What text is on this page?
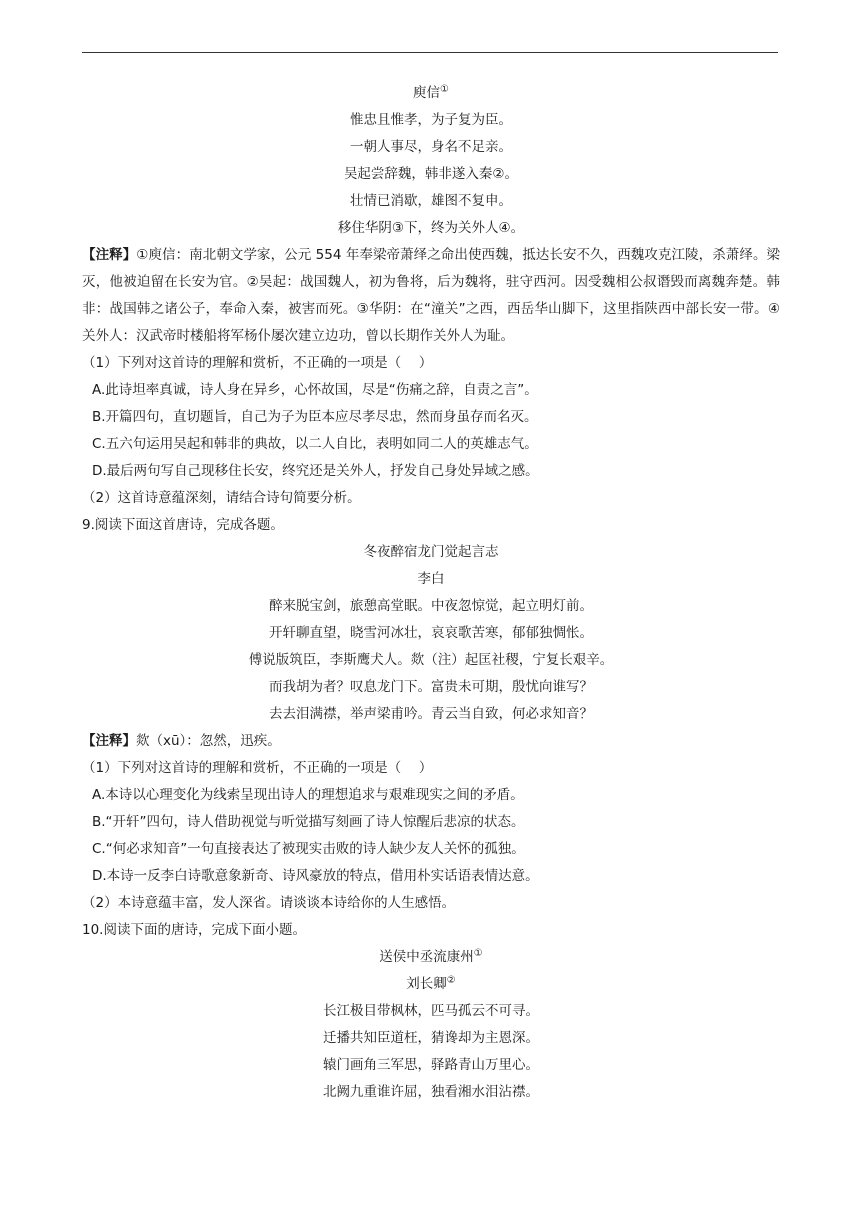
庾信①
惟忠且惟孝，为子复为臣。
一朝人事尽，身名不足亲。
吴起尝辞魏，韩非遂入秦②。
壮情已消歇，雄图不复申。
移住华阴③下，终为关外人④。
【注释】①庾信：南北朝文学家，公元 554 年奉梁帝萧绎之命出使西魏，抵达长安不久，西魏攻克江陵，杀萧绎。梁灭，他被迫留在长安为官。②吴起：战国魏人，初为鲁将，后为魏将，驻守西河。因受魏相公叔谮毁而离魏奔楚。韩非：战国韩之诸公子，奉命入秦，被害而死。③华阴：在“潼关”之西，西岳华山脚下，这里指陕西中部长安一带。④关外人：汉武帝时楼船将军杨仆屡次建立边功，曾以长期作关外人为耻。
（1）下列对这首诗的理解和赏析，不正确的一项是（　 ）
A.此诗坦率真诚，诗人身在异乡，心怀故国，尽是“伤痛之辞，自责之言”。
B.开篇四句，直切题旨，自己为子为臣本应尽孝尽忠，然而身虽存而名灭。
C.五六句运用吴起和韩非的典故，以二人自比，表明如同二人的英雄志气。
D.最后两句写自己现移住长安，终究还是关外人，抒发自己身处异域之感。
（2）这首诗意蕴深刻，请结合诗句简要分析。
9.阅读下面这首唐诗，完成各题。
冬夜醉宿龙门觉起言志
李白
醉来脱宝剑，旅憩高堂眠。中夜忽惊觉，起立明灯前。
开轩聊直望，晓雪河冰壮，哀哀歌苦寒，郁郁独惆怅。
傅说版筑臣，李斯鹰犬人。欻（注）起匡社稷，宁复长艰辛。
而我胡为者？叹息龙门下。富贵未可期，殷忧向谁写？
去去泪满襟，举声梁甫吟。青云当自致，何必求知音？
【注释】欻（xū）：忽然，迅疾。
（1）下列对这首诗的理解和赏析，不正确的一项是（　 ）
A.本诗以心理变化为线索呈现出诗人的理想追求与艰难现实之间的矛盾。
B.“开轩”四句，诗人借助视觉与听觉描写刻画了诗人惊醒后悲凉的状态。
C.“何必求知音”一句直接表达了被现实击败的诗人缺少友人关怀的孤独。
D.本诗一反李白诗歌意象新奇、诗风豪放的特点，借用朴实话语表情达意。
（2）本诗意蕴丰富，发人深省。请谈谈本诗给你的人生感悟。
10.阅读下面的唐诗，完成下面小题。
送侯中丞流康州①
刘长卿②
长江极目带枫林，匹马孤云不可寻。
迁播共知臣道枉，猜谗却为主恩深。
辕门画角三军思，驿路青山万里心。
北阙九重谁许屈，独看湘水泪沾襟。
